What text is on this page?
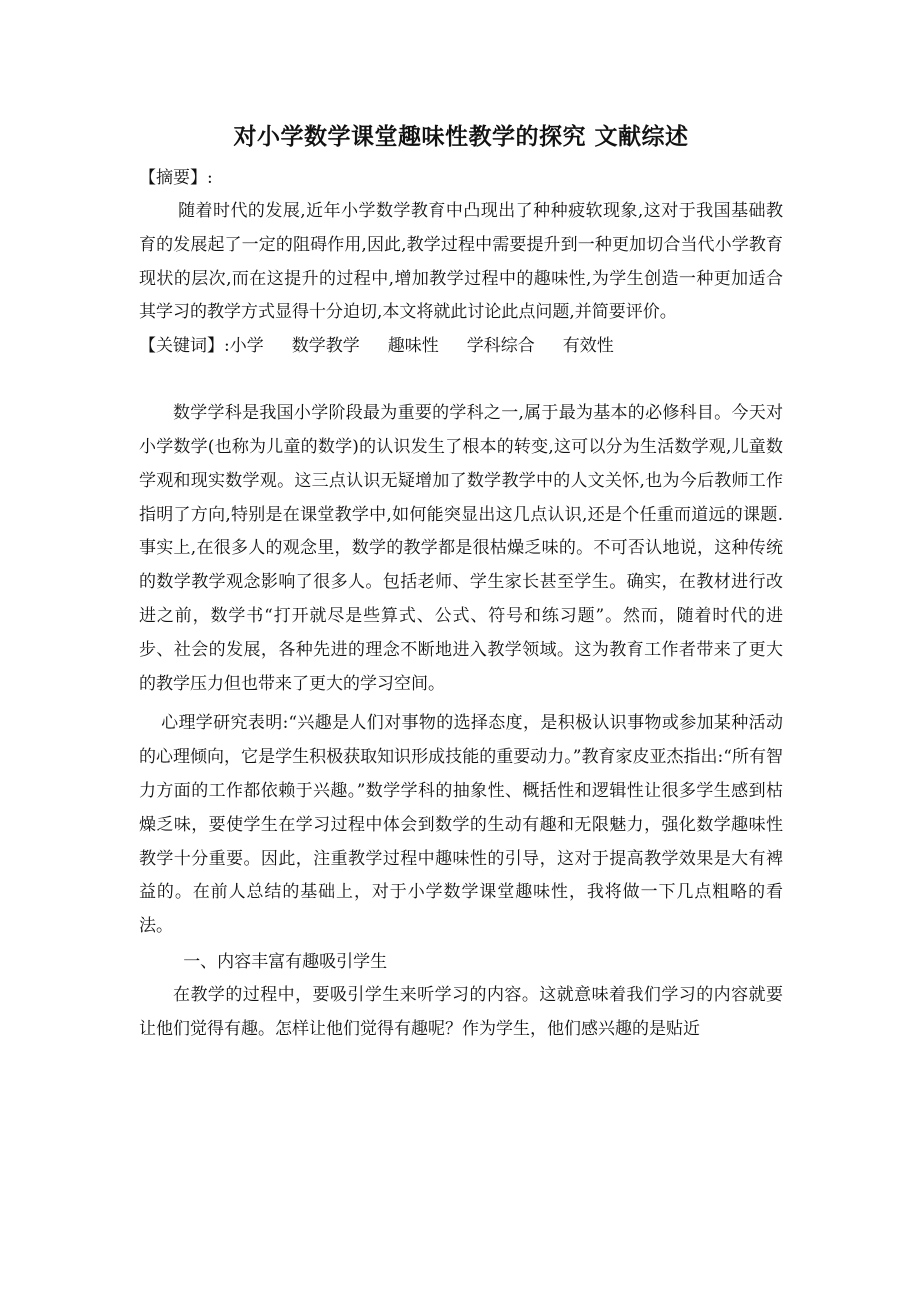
对小学数学课堂趣味性教学的探究 文献综述

【摘要】:

随着时代的发展,近年小学数学教育中凸现出了种种疲软现象,这对于我国基础教育的发展起了一定的阻碍作用,因此,教学过程中需要提升到一种更加切合当代小学教育现状的层次,而在这提升的过程中,增加教学过程中的趣味性,为学生创造一种更加适合其学习的教学方式显得十分迫切,本文将就此讨论此点问题,并简要评价。

【关键词】:小学 数学教学 趣味性 学科综合 有效性

数学学科是我国小学阶段最为重要的学科之一,属于最为基本的必修科目。今天对小学数学(也称为儿童的数学)的认识发生了根本的转变,这可以分为生活数学观,儿童数学观和现实数学观。这三点认识无疑增加了数学教学中的人文关怀,也为今后教师工作指明了方向,特别是在课堂教学中,如何能突显出这几点认识,还是个任重而道远的课题.事实上,在很多人的观念里，数学的教学都是很枯燥乏味的。不可否认地说，这种传统的数学教学观念影响了很多人。包括老师、学生家长甚至学生。确实，在教材进行改进之前，数学书“打开就尽是些算式、公式、符号和练习题”。然而，随着时代的进步、社会的发展，各种先进的理念不断地进入教学领域。这为教育工作者带来了更大的教学压力但也带来了更大的学习空间。

心理学研究表明:“兴趣是人们对事物的选择态度，是积极认识事物或参加某种活动的心理倾向，它是学生积极获取知识形成技能的重要动力。”教育家皮亚杰指出:“所有智力方面的工作都依赖于兴趣。”数学学科的抽象性、概括性和逻辑性让很多学生感到枯燥乏味，要使学生在学习过程中体会到数学的生动有趣和无限魅力，强化数学趣味性教学十分重要。因此，注重教学过程中趣味性的引导，这对于提高教学效果是大有裨益的。在前人总结的基础上，对于小学数学课堂趣味性，我将做一下几点粗略的看法。

一、内容丰富有趣吸引学生

在教学的过程中，要吸引学生来听学习的内容。这就意味着我们学习的内容就要让他们觉得有趣。怎样让他们觉得有趣呢？作为学生，他们感兴趣的是贴近
